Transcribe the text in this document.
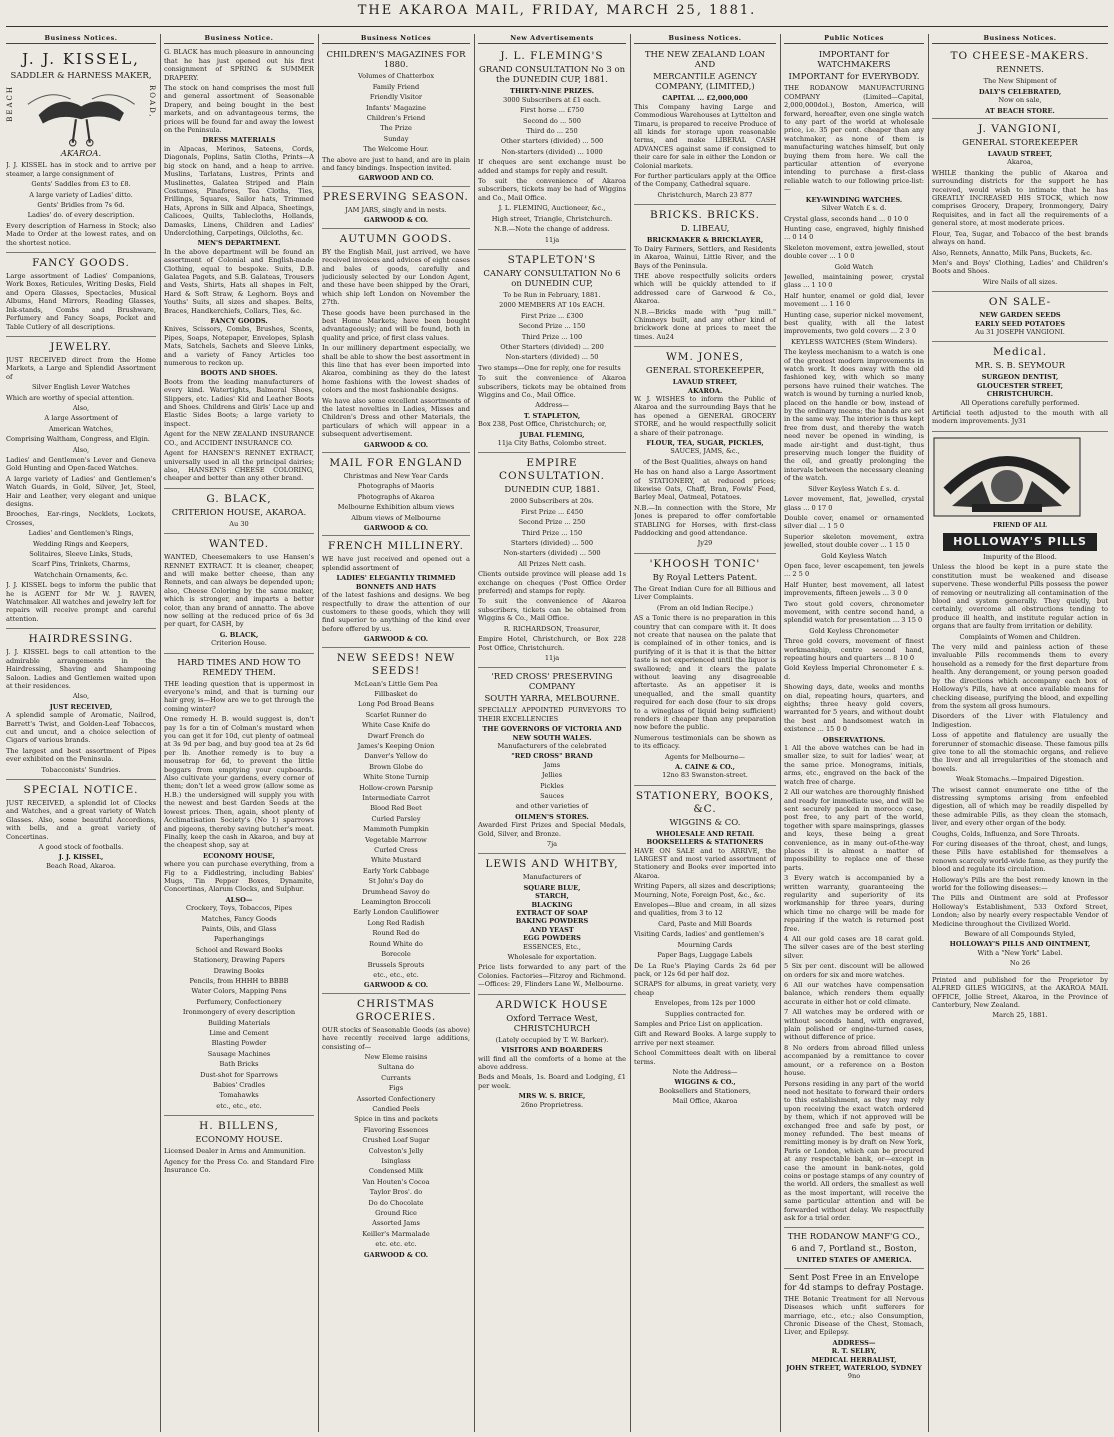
THE AKAROA MAIL, FRIDAY, MARCH 25, 1881.
Business Notices.
J. J. KISSEL,
SADDLER & HARNESS MAKER,
BEACH	ROAD,
AKAROA.

J. J. KISSEL has in stock and to arrive per steamer, a large consignment of

Gents' Saddles from £3 to £8.

A large variety of Ladies' ditto.

Gents' Bridles from 7s 6d.

Ladies' do. of every description.

Every description of Harness in Stock; also Made to Order at the lowest rates, and on the shortest notice.

FANCY GOODS.

Large assortment of Ladies' Companions, Work Boxes, Reticules, Writing Desks, Field and Opera Glasses, Spectacles, Musical Albums, Hand Mirrors, Reading Glasses, Ink-stands, Combs and Brushware, Perfumery and Fancy Soaps, Pocket and Table Cutlery of all descriptions.

JEWELRY.

JUST RECEIVED direct from the Home Markets, a Large and Splendid Assortment of

Silver English Lever Watches

Which are worthy of special attention.

Also,

A large Assortment of

American Watches,

Comprising Waltham, Congress, and Elgin.

Also,

Ladies' and Gentlemen's Lever and Geneva Gold Hunting and Open-faced Watches.

A large variety of Ladies' and Gentlemen's Watch Guards, in Gold, Silver, Jet, Steel, Hair and Leather, very elegant and unique designs.

Brooches, Ear-rings, Necklets, Lockets, Crosses,

Ladies' and Gentlemen's Rings,

Wedding Rings and Keepers,

Solitaires, Sleeve Links, Studs,

Scarf Pins, Trinkets, Charms,

Watchchain Ornaments, &c.

J. J. KISSEL begs to inform the public that he is AGENT for Mr W. J. RAVEN, Watchmaker. All watches and jewelry left for repairs will receive prompt and careful attention.

HAIRDRESSING.

J. J. KISSEL begs to call attention to the admirable arrangements in the Hairdressing, Shaving and Shampooing Saloon. Ladies and Gentlemen waited upon at their residences.

Also,

JUST RECEIVED,

A splendid sample of Aromatic, Nailrod, Barrett's Twist, and Golden-Leaf Tobaccos, cut and uncut, and a choice selection of Cigars of various brands.

The largest and best assortment of Pipes ever exhibited on the Peninsula.

Tobacconists' Sundries.

SPECIAL NOTICE.

JUST RECEIVED, a splendid lot of Clocks and Watches, and a great variety of Watch Glasses. Also, some beautiful Accordions, with bells, and a great variety of Concertinas.

A good stock of footballs.

J. J. KISSEL,

Beach Road, Akaroa.

Business Notice.

G. BLACK has much pleasure in announcing that he has just opened out his first consignment of SPRING & SUMMER DRAPERY.

The stock on hand comprises the most full and general assortment of Seasonable Drapery, and being bought in the best markets, and on advantageous terms, the prices will be found far and away the lowest on the Peninsula.

DRESS MATERIALS

in Alpacas, Merinos, Sateens, Cords, Diagonals, Poplins, Satin Cloths, Prints—A big stock on hand, and a heap to arrive. Muslins, Tarlatans, Lustres, Prints and Muslinettes, Galatea Striped and Plain Costumes, Pinafores, Tea Cloths, Ties, Frillings, Squares, Sailor hats, Trimmed Hats, Aprons in Silk and Alpaca, Sheetings, Calicoes, Quilts, Tablecloths, Hollands, Damasks, Linens, Children and Ladies' Underclothing, Carpetings, Oilcloths, &c.

MEN'S DEPARTMENT.

In the above department will be found an assortment of Colonial and English-made Clothing, equal to bespoke. Suits, D.B. Galatea Pagets, and S.B. Galateas, Trousers and Vests, Shirts, Hats all shapes in Felt, Hard & Soft Straw, & Leghorn. Boys and Youths' Suits, all sizes and shapes. Belts, Braces, Handkerchiefs, Collars, Ties, &c.

FANCY GOODS.

Knives, Scissors, Combs, Brushes, Scents, Pipes, Soaps, Notepaper, Envelopes, Splash Mats, Satchels, Sachets and Sleeve Links, and a variety of Fancy Articles too numerous to reckon up.

BOOTS AND SHOES.

Boots from the leading manufacturers of every kind. Watertights, Balmoral Shoes, Slippers, etc. Ladies' Kid and Leather Boots and Shoes. Childrens and Girls' Lace up and Elastic Sides Boots; a large variety to inspect.

Agent for the NEW ZEALAND INSURANCE CO., and ACCIDENT INSURANCE CO.

Agent for HANSEN'S RENNET EXTRACT, universally used in all the principal dairies; also, HANSEN'S CHEESE COLORING, cheaper and better than any other brand.

G. BLACK,
CRITERION HOUSE, AKAROA.

Au 30

WANTED.

WANTED, Cheesemakers to use Hansen's RENNET EXTRACT. It is cleaner, cheaper, and will make better cheese, than any Rennets, and can always be depended upon; also, Cheese Coloring by the same maker, which is stronger, and imparts a better color, than any brand of annatto. The above now selling at the reduced price of 6s 3d per quart, for CASH, by

G. BLACK,

Criterion House.

HARD TIMES AND HOW TO REMEDY THEM.

THE leading question that is uppermost in everyone's mind, and that is turning our hair grey, is—How are we to get through the coming winter?

One remedy H. B. would suggest is, don't pay 1s for a tin of Colman's mustard when you can get it for 10d, cut plenty of oatmeal at 3s 9d per bag, and buy good tea at 2s 6d per lb. Another remedy is to buy a mousetrap for 6d, to prevent the little beggars from emptying your cupboards. Also cultivate your gardens, every corner of them; don't let a weed grow (allow some as H.B.) the undersigned will supply you with the newest and best Garden Seeds at the lowest prices. Then, again, shoot plenty of Acclimatisation Society's (No 1) sparrows and pigeons, thereby saving butcher's meat. Finally, keep the cash in Akaroa, and buy at the cheapest shop, say at

ECONOMY HOUSE,

where you can purchase everything, from a Fig to a Fiddlestring, including Babies' Mugs, Tin Pepper Boxes, Dynamite, Concertinas, Alarum Clocks, and Sulphur.

ALSO—

Crockery, Toys, Tobaccos, Pipes

Matches, Fancy Goods

Paints, Oils, and Glass

Paperhangings

School and Reward Books

Stationery, Drawing Papers

Drawing Books

Pencils, from HHHH to BBBB

Water Colors, Mapping Pens

Perfumery, Confectionery

Ironmongery of every description

Building Materials

Lime and Cement

Blasting Powder

Sausage Machines

Bath Bricks

Dust-shot for Sparrows

Babies' Cradles

Tomahawks

etc., etc., etc.

H. BILLENS,
ECONOMY HOUSE.

Licensed Dealer in Arms and Ammunition.

Agency for the Press Co. and Standard Fire Insurance Co.

Business Notices
CHILDREN'S MAGAZINES FOR 1880.

Volumes of Chatterbox

Family Friend

Friendly Visitor

Infants' Magazine

Children's Friend

The Prize

Sunday

The Welcome Hour.

The above are just to hand, and are in plain and fancy bindings. Inspection invited.

GARWOOD AND CO.
PRESERVING SEASON.

JAM JARS, singly and in nests.

GARWOOD & CO.
AUTUMN GOODS.

BY the English Mail, just arrived, we have received invoices and advices of eight cases and bales of goods, carefully and judiciously selected by our London Agent, and these have been shipped by the Orari, which ship left London on November the 27th.

These goods have been purchased in the best Home Markets; have been bought advantageously; and will be found, both in quality and price, of first class values.

In our millinery department especially, we shall be able to show the best assortment in this line that has ever been imported into Akaroa, combining as they do the latest home fashions with the lowest shades of colors and the most fashionable designs.

We have also some excellent assortments of the latest novelties in Ladies, Misses and Children's Dress and other Materials, the particulars of which will appear in a subsequent advertisement.

GARWOOD & CO.
MAIL FOR ENGLAND

Christmas and New Year Cards

Photographs of Maoris

Photographs of Akaroa

Melbourne Exhibition album views

Album views of Melbourne

GARWOOD & CO.
FRENCH MILLINERY.

WE have just received and opened out a splendid assortment of

LADIES' ELEGANTLY TRIMMED BONNETS AND HATS

of the latest fashions and designs. We beg respectfully to draw the attention of our customers to these goods, which they will find superior to anything of the kind ever before offered by us.

GARWOOD & CO.
NEW SEEDS! NEW SEEDS!

McLean's Little Gem Pea

Fillbasket do

Long Pod Broad Beans

Scarlet Runner do

White Case Knife do

Dwarf French do

James's Keeping Onion

Danver's Yellow do

Brown Globe do

White Stone Turnip

Hollow-crown Parsnip

Intermediate Carrot

Blood Red Beet

Curled Parsley

Mammoth Pumpkin

Vegetable Marrow

Curled Cress

White Mustard

Early York Cabbage

St John's Day do

Drumhead Savoy do

Leamington Broccoli

Early London Cauliflower

Long Red Radish

Round Red do

Round White do

Borecole

Brussels Sprouts

etc., etc., etc.

GARWOOD & CO.
CHRISTMAS GROCERIES.

OUR stocks of Seasonable Goods (as above) have recently received large additions, consisting of—

New Eleme raisins

Sultana do

Currants

Figs

Assorted Confectionery

Candied Peels

Spice in tins and packets

Flavoring Essences

Crushed Loaf Sugar

Colveston's Jelly

Isinglass

Condensed Milk

Van Houten's Cocoa

Taylor Bros'. do

Do do Chocolate

Ground Rice

Assorted Jams

Keiller's Marmalade

etc. etc. etc.

GARWOOD & CO.
New Advertisements
J. L. FLEMING'S
GRAND CONSULTATION No 3 on the DUNEDIN CUP, 1881.
THIRTY-NINE PRIZES.

3000 Subscribers at £1 each.

First horse ... £750

Second do ... 500

Third do ... 250

Other starters (divided) ... 500

Non-starters (divided) ... 1000

If cheques are sent exchange must be added and stamps for reply and result.

To suit the convenience of Akaroa subscribers, tickets may be had of Wiggins and Co., Mail Office.

J. L. FLEMING, Auctioneer, &c.,

High street, Triangle, Christchurch.

N.B.—Note the change of address.

11ja

STAPLETON'S
CANARY CONSULTATION No 6 on DUNEDIN CUP,

To be Run in February, 1881.

2000 MEMBERS AT 10s EACH.

First Prize ... £300

Second Prize ... 150

Third Prize ... 100

Other Starters (divided) ... 200

Non-starters (divided) ... 50

Two stamps—One for reply, one for results

To suit the convenience of Akaroa subscribers, tickets may be obtained from Wiggins and Co., Mail Office.

Address—

T. STAPLETON,

Box 238, Post Office, Christchurch; or,

JUBAL FLEMING,

11ja City Baths, Colombo street.

EMPIRE CONSULTATION.
DUNEDIN CUP, 1881.

2000 Subscribers at 20s.

First Prize ... £450

Second Prize ... 250

Third Prize ... 150

Starters (divided) ... 500

Non-starters (divided) ... 500

All Prizes Nett cash.

Clients outside province will please add 1s exchange on cheques ('Post Office Order preferred) and stamps for reply.

To suit the convenience of Akaroa subscribers, tickets can be obtained from Wiggins & Co., Mail Office.

R. RICHARDSON, Treasurer,

Empire Hotel, Christchurch, or Box 228 Post Office, Christchurch.

11ja

'RED CROSS' PRESERVING COMPANY
SOUTH YARRA, MELBOURNE.

SPECIALLY APPOINTED PURVEYORS TO THEIR EXCELLENCIES

THE GOVERNORS OF VICTORIA AND NEW SOUTH WALES.

Manufacturers of the celebrated

"RED CROSS" BRAND

Jams

Jellies

Pickles

Sauces

and other varieties of

OILMEN'S STORES.

Awarded First Prizes and Special Medals, Gold, Silver, and Bronze.

7ja

LEWIS AND WHITBY,

Manufacturers of

SQUARE BLUE,
STARCH,
BLACKING
EXTRACT OF SOAP
BAKING POWDERS
AND YEAST
EGG POWDERS

ESSENCES, Etc.,

Wholesale for exportation.

Price lists forwarded to any part of the Colonies. Factories—Fitzroy and Richmond.—Offices: 29, Flinders Lane W., Melbourne.

ARDWICK HOUSE
Oxford Terrace West, CHRISTCHURCH

(Lately occupied by T. W. Barker).

VISITORS AND BOARDERS

will find all the comforts of a home at the above address.

Beds and Meals, 1s. Board and Lodging, £1 per week.

MRS W. S. BRICE,

26no Proprietress.

Business Notices.
THE NEW ZEALAND LOAN AND
MERCANTILE AGENCY COMPANY, (LIMITED,)
CAPITAL ... £2,000,000

This Company having Large and Commodious Warehouses at Lyttelton and Timaru, is prepared to receive Produce of all kinds for storage upon reasonable terms, and make LIBERAL CASH ADVANCES against same if consigned to their care for sale in either the London or Colonial markets.

For further particulars apply at the Office of the Company, Cathedral square.

Christchurch, March 23 877

BRICKS. BRICKS.
D. LIBEAU,
BRICKMAKER & BRICKLAYER,

To Dairy Farmers, Settlers, and Residents in Akaroa, Wainui, Little River, and the Bays of the Peninsula.

THE above respectfully solicits orders which will be quickly attended to if addressed care of Garwood & Co., Akaroa.

N.B.—Bricks made with "pug mill." Chimneys built, and any other kind of brickwork done at prices to meet the times. Au24

WM. JONES,
GENERAL STOREKEEPER,
LAVAUD STREET,
AKAROA.

W. J. WISHES to inform the Public of Akaroa and the surrounding Bays that he has opened a GENERAL GROCERY STORE, and he would respectfully solicit a share of their patronage.

FLOUR, TEA, SUGAR, PICKLES,

SAUCES, JAMS, &c.,

of the Best Qualities, always on hand

He has on hand also a Large Assortment of STATIONERY, at reduced prices; likewise Oats, Chaff, Bran, Fowls' Feed, Barley Meal, Oatmeal, Potatoes.

N.B.—In connection with the Store, Mr Jones is prepared to offer comfortable STABLING for Horses, with first-class Paddocking and good attendance.

Jy29

'KHOOSH TONIC'
By Royal Letters Patent.

The Great Indian Cure for all Billious and Liver Complaints.

(From an old Indian Recipe.)

AS a Tonic there is no preparation in this country that can compare with it. It does not create that nausea on the palate that is complained of in other tonics, and is purifying of it is that it is that the bitter taste is not experienced until the liquor is swallowed; and it clears the palate without leaving any disagreeable aftertaste. As an appetiser it is unequalled, and the small quantity required for each dose (four to six drops to a wineglass of liquid being sufficient) renders it cheaper than any preparation now before the public.

Numerous testimonials can be shown as to its efficacy.

Agents for Melbourne—

A. CAINE & CO.,

12no 83 Swanston-street.

STATIONERY, BOOKS, &C.
WIGGINS & CO.
WHOLESALE AND RETAIL
BOOKSELLERS & STATIONERS

HAVE ON SALE and to ARRIVE, the LARGEST and most varied assortment of Stationery and Books ever imported into Akaroa.

Writing Papers, all sizes and descriptions; Mourning, Note, Foreign Post, &c., &c.

Envelopes—Blue and cream, in all sizes and qualities, from 3 to 12

Card, Paste and Mill Boards

Visiting Cards, ladies' and gentlemen's

Mourning Cards

Paper Bags, Luggage Labels

De La Rue's Playing Cards 2s 6d per pack, or 12s 6d per half doz.

SCRAPS for albums, in great variety, very cheap

Envelopes, from 12s per 1000

Supplies contracted for.

Samples and Price List on application.

Gift and Reward Books. A large supply to arrive per next steamer.

School Committees dealt with on liberal terms.

Note the Address—

WIGGINS & CO.,

Booksellers and Stationers,

Mail Office, Akaroa

Public Notices
IMPORTANT for WATCHMAKERS
IMPORTANT for EVERYBODY.

THE RODANOW MANUFACTURING COMPANY (Limited—Capital, 2,000,000dol.), Boston, America, will forward, hereafter, even one single watch to any part of the world at wholesale price, i.e. 35 per cent. cheaper than any watchmaker, as none of them is manufacturing watches himself, but only buying them from here. We call the particular attention of everyone intending to purchase a first-class reliable watch to our following price-list:—

KEY-WINDING WATCHES.

Silver Watch £ s. d.

Crystal glass, seconds hand ... 0 10 0

Hunting case, engraved, highly finished ... 0 14 0

Skeleton movement, extra jewelled, stout double cover ... 1 0 0

Gold Watch

Jewelled, maintaining power, crystal glass ... 1 10 0

Half hunter, enamel or gold dial, lever movement ... 1 16 0

Hunting case, superior nickel movement, best quality, with all the latest improvements, two gold covers ... 2 3 0

KEYLESS WATCHES (Stem Winders).

The keyless mechanism to a watch is one of the greatest modern improvements in watch work. It does away with the old fashioned key, with which so many persons have ruined their watches. The watch is wound by turning a nurled knob, placed on the handle or bow, instead of by the ordinary means; the hands are set in the same way. The interior is thus kept free from dust, and thereby the watch need never be opened in winding, is made air-tight and dust-tight, thus preserving much longer the fluidity of the oil, and greatly prolonging the intervals between the necessary cleaning of the watch.

Silver Keyless Watch £ s. d.

Lever movement, flat, jewelled, crystal glass ... 0 17 0

Double cover, enamel or ornamented silver dial ... 1 5 0

Superior skeleton movement, extra jewelled, stout double cover ... 1 15 0

Gold Keyless Watch

Open face, lever escapement, ten jewels ... 2 5 0

Half Hunter, best movement, all latest improvements, fifteen jewels ... 3 0 0

Two stout gold covers, chronometer movement, with centre second hand, a splendid watch for presentation ... 3 15 0

Gold Keyless Chronometer

Three gold covers, movement of finest workmanship, centre second hand, repeating hours and quarters ... 8 10 0

Gold Keyless Imperial Chronometer £ s. d.

Showing days, date, weeks and months on dial, repeating hours, quarters, and eighths; three heavy gold covers, warranted for 5 years, and without doubt the best and handsomest watch in existence ... 15 0 0

OBSERVATIONS.

1 All the above watches can be had in smaller size, to suit for ladies' wear, at the same price. Monograms, initials, arms, etc., engraved on the back of the watch free of charge.

2 All our watches are thoroughly finished and ready for immediate use, and will be sent securely packed in morocco case, post free, to any part of the world, together with spare mainsprings, glasses and keys, these being a great convenience, as in many out-of-the-way places it is almost a matter of impossibility to replace one of these parts.

3 Every watch is accompanied by a written warranty, guaranteeing the regularity and superiority of its workmanship for three years, during which time no charge will be made for repairing if the watch is returned post free.

4 All our gold cases are 18 carat gold. The silver cases are of the best sterling silver.

5 Six per cent. discount will be allowed on orders for six and more watches.

6 All our watches have compensation balance, which renders them equally accurate in either hot or cold climate.

7 All watches may be ordered with or without seconds hand, with engraved, plain polished or engine-turned cases, without difference of price.

8 No orders from abroad filled unless accompanied by a remittance to cover amount, or a reference on a Boston house.

Persons residing in any part of the world need not hesitate to forward their orders to this establishment, as they may rely upon receiving the exact watch ordered by them, which if not approved will be exchanged free and safe by post, or money refunded. The best means of remitting money is by draft on New York, Paris or London, which can be procured at any respectable bank, or—except in case the amount in bank-notes, gold coins or postage stamps of any country of the world. All orders, the smallest as well as the most important, will receive the same particular attention and will be forwarded without delay. We respectfully ask for a trial order.

THE RODANOW MANF'G CO.,
6 and 7, Portland st., Boston,
UNITED STATES OF AMERICA.
Sent Post Free in an Envelope for 4d stamps to defray Postage.

THE Botanic Treatment for all Nervous Diseases which unfit sufferers for marriage, etc., etc.; also Consumption, Chronic Disease of the Chest, Stomach, Liver, and Epilepsy.

ADDRESS—
R. T. SELBY,
MEDICAL HERBALIST,
JOHN STREET, WATERLOO, SYDNEY

9no

Business Notices.
TO CHEESE-MAKERS.
RENNETS.

The New Shipment of

DALY'S CELEBRATED,

Now on sale,

AT BEACH STORE.
J. VANGIONI,
GENERAL STOREKEEPER
LAVAUD STREET,

Akaroa,

WHILE thanking the public of Akaroa and surrounding districts for the support he has received, would wish to intimate that he has GREATLY INCREASED HIS STOCK, which now comprises Grocery, Drapery, Ironmongery, Dairy Requisites, and in fact all the requirements of a general store, at most moderate prices.

Flour, Tea, Sugar, and Tobacco of the best brands always on hand.

Also, Rennets, Annatto, Milk Pans, Buckets, &c.

Men's and Boys' Clothing, Ladies' and Children's Boots and Shoes.

Wire Nails of all sizes.

ON SALE-
NEW GARDEN SEEDS
EARLY SEED POTATOES

Au 31 JOSEPH VANGIONI.

Medical.
MR. S. B. SEYMOUR
SURGEON DENTIST,
GLOUCESTER STREET,
CHRISTCHURCH.

All Operations carefully performed.

Artificial teeth adjusted to the mouth with all modern improvements. Jy31

FRIEND OF ALL
HOLLOWAY'S PILLS

Impurity of the Blood.

Unless the blood be kept in a pure state the constitution must be weakened and disease supervene. These wonderful Pills possess the power of removing or neutralizing all contamination of the blood and system generally. They quietly, but certainly, overcome all obstructions tending to produce ill health, and institute regular action in organs that are faulty from irritation or debility.

Complaints of Women and Children.

The very mild and painless action of these invaluable Pills recommends them to every household as a remedy for the first departure from health. Any derangement, or young person goaded by the directions which accompany each box of Holloway's Pills, have at once available means for checking disease, purifying the blood, and expelling from the system all gross humours.

Disorders of the Liver with Flatulency and Indigestion.

Loss of appetite and flatulency are usually the forerunner of stomachic disease. These famous pills give tone to all the stomachic organs, and relieve the liver and all irregularities of the stomach and bowels.

Weak Stomachs.—Impaired Digestion.

The wisest cannot enumerate one tithe of the distressing symptoms arising from enfeebled digestion, all of which may be readily dispelled by these admirable Pills, as they clean the stomach, liver, and every other organ of the body.

Coughs, Colds, Influenza, and Sore Throats.

For curing diseases of the throat, chest, and lungs, these Pills have established for themselves a renown scarcely world-wide fame, as they purify the blood and regulate its circulation.

Holloway's Pills are the best remedy known in the world for the following diseases:—

The Pills and Ointment are sold at Professor Holloway's Establishment, 533 Oxford Street, London; also by nearly every respectable Vendor of Medicine throughout the Civilized World.

Beware of all Compounds Styled,

HOLLOWAY'S PILLS AND OINTMENT,

With a "New York" Label.

No 26

Printed and published for the Proprietor by ALFRED GILES WIGGINS, at the AKAROA MAIL OFFICE, Jollie Street, Akaroa, in the Province of Canterbury, New Zealand.

March 25, 1881.
